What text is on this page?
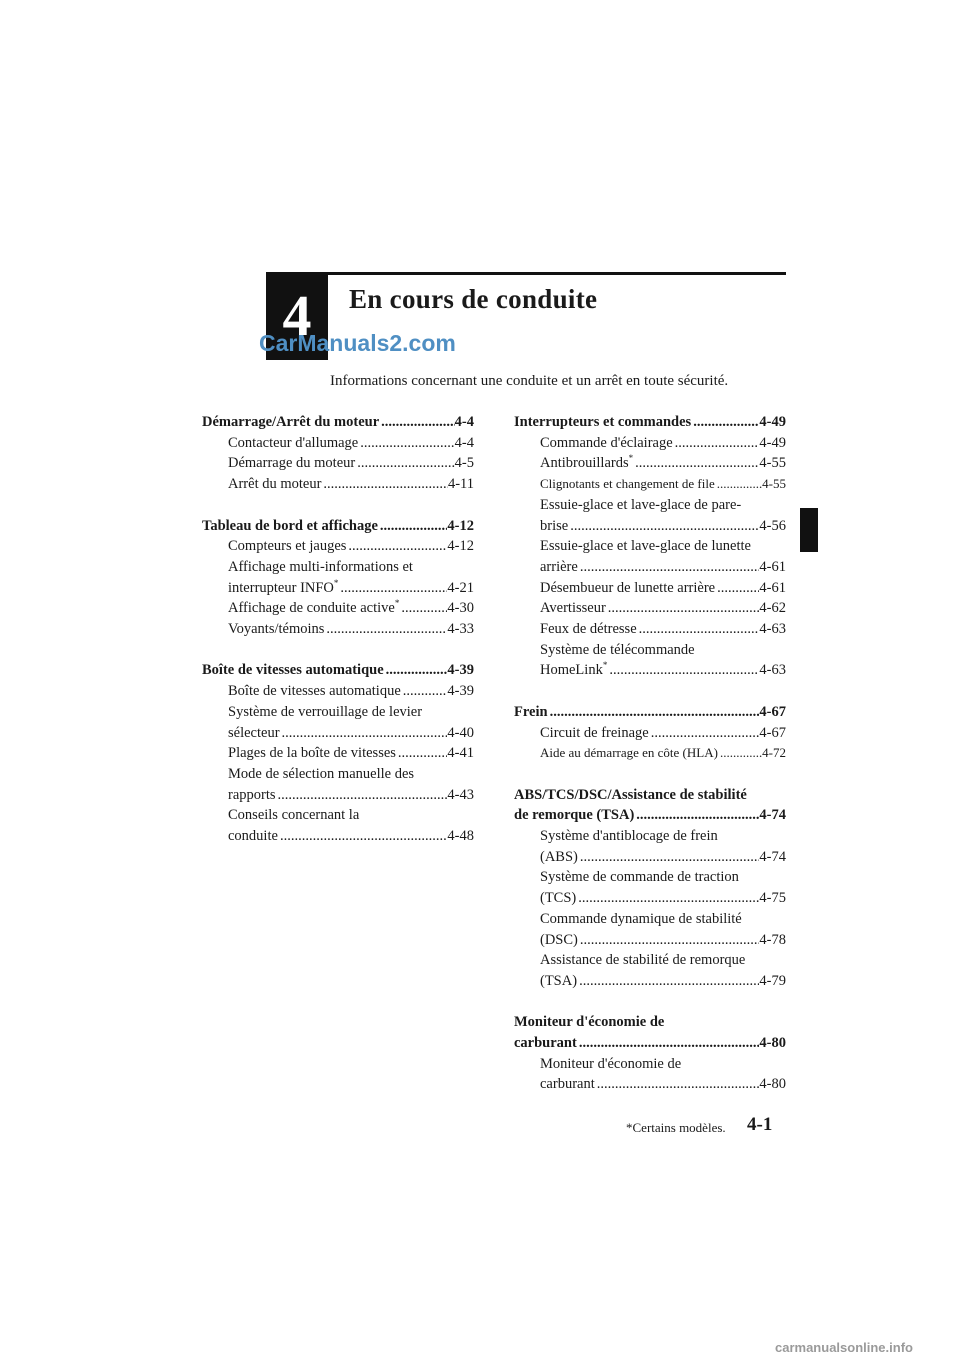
4	En cours de conduite
CarManuals2.com
Informations concernant une conduite et un arrêt en toute sécurité.
Démarrage/Arrêt du moteur .....	4-4
Contacteur d'allumage .....	4-4
Démarrage du moteur .....	4-5
Arrêt du moteur .....	4-11
Tableau de bord et affichage .....	4-12
Compteurs et jauges .....	4-12
Affichage multi-informations et
interrupteur INFO* .....	4-21
Affichage de conduite active* .....	4-30
Voyants/témoins .....	4-33
Boîte de vitesses automatique .....	4-39
Boîte de vitesses automatique .....	4-39
Système de verrouillage de levier
sélecteur .....	4-40
Plages de la boîte de vitesses .....	4-41
Mode de sélection manuelle des
rapports .....	4-43
Conseils concernant la
conduite .....	4-48
Interrupteurs et commandes .....	4-49
Commande d'éclairage .....	4-49
Antibrouillards* .....	4-55
Clignotants et changement de file .....	4-55
Essuie-glace et lave-glace de pare-
brise .....	4-56
Essuie-glace et lave-glace de lunette
arrière .....	4-61
Désembueur de lunette arrière .....	4-61
Avertisseur .....	4-62
Feux de détresse .....	4-63
Système de télécommande
HomeLink* .....	4-63
Frein .....	4-67
Circuit de freinage .....	4-67
Aide au démarrage en côte (HLA) .....	4-72
ABS/TCS/DSC/Assistance de stabilité
de remorque (TSA) .....	4-74
Système d'antiblocage de frein
(ABS) .....	4-74
Système de commande de traction
(TCS) .....	4-75
Commande dynamique de stabilité
(DSC) .....	4-78
Assistance de stabilité de remorque
(TSA) .....	4-79
Moniteur d'économie de
carburant .....	4-80
Moniteur d'économie de
carburant .....	4-80
*Certains modèles. 4-1
carmanualsonline.info
